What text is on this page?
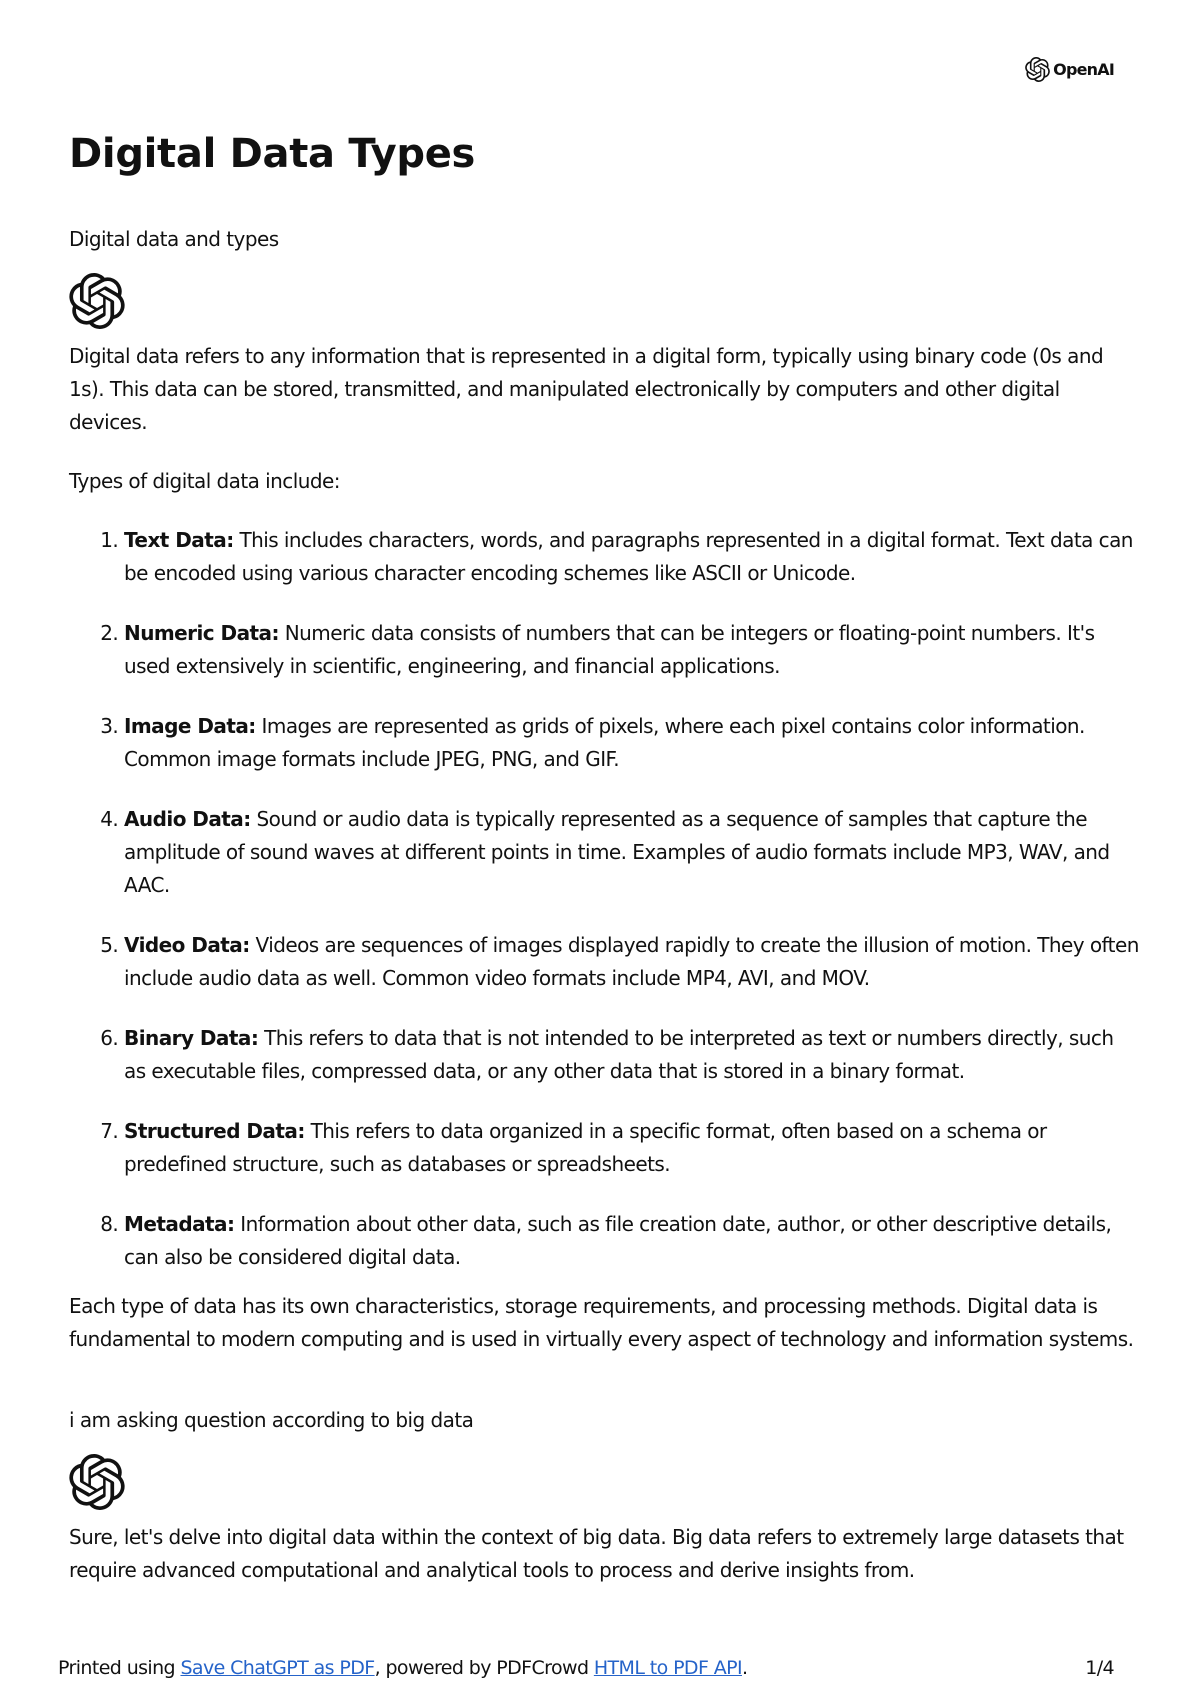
OpenAI
Digital Data Types

Digital data and types

Digital data refers to any information that is represented in a digital form, typically using binary code (0s and 1s). This data can be stored, transmitted, and manipulated electronically by computers and other digital devices.

Types of digital data include:

1. Text Data: This includes characters, words, and paragraphs represented in a digital format. Text data can be encoded using various character encoding schemes like ASCII or Unicode.
2. Numeric Data: Numeric data consists of numbers that can be integers or floating-point numbers. It's used extensively in scientific, engineering, and financial applications.
3. Image Data: Images are represented as grids of pixels, where each pixel contains color information. Common image formats include JPEG, PNG, and GIF.
4. Audio Data: Sound or audio data is typically represented as a sequence of samples that capture the amplitude of sound waves at different points in time. Examples of audio formats include MP3, WAV, and AAC.
5. Video Data: Videos are sequences of images displayed rapidly to create the illusion of motion. They often include audio data as well. Common video formats include MP4, AVI, and MOV.
6. Binary Data: This refers to data that is not intended to be interpreted as text or numbers directly, such as executable files, compressed data, or any other data that is stored in a binary format.
7. Structured Data: This refers to data organized in a specific format, often based on a schema or predefined structure, such as databases or spreadsheets.
8. Metadata: Information about other data, such as file creation date, author, or other descriptive details, can also be considered digital data.

Each type of data has its own characteristics, storage requirements, and processing methods. Digital data is fundamental to modern computing and is used in virtually every aspect of technology and information systems.

i am asking question according to big data

Sure, let's delve into digital data within the context of big data. Big data refers to extremely large datasets that require advanced computational and analytical tools to process and derive insights from.

Printed using Save ChatGPT as PDF, powered by PDFCrowd HTML to PDF API.	1/4
